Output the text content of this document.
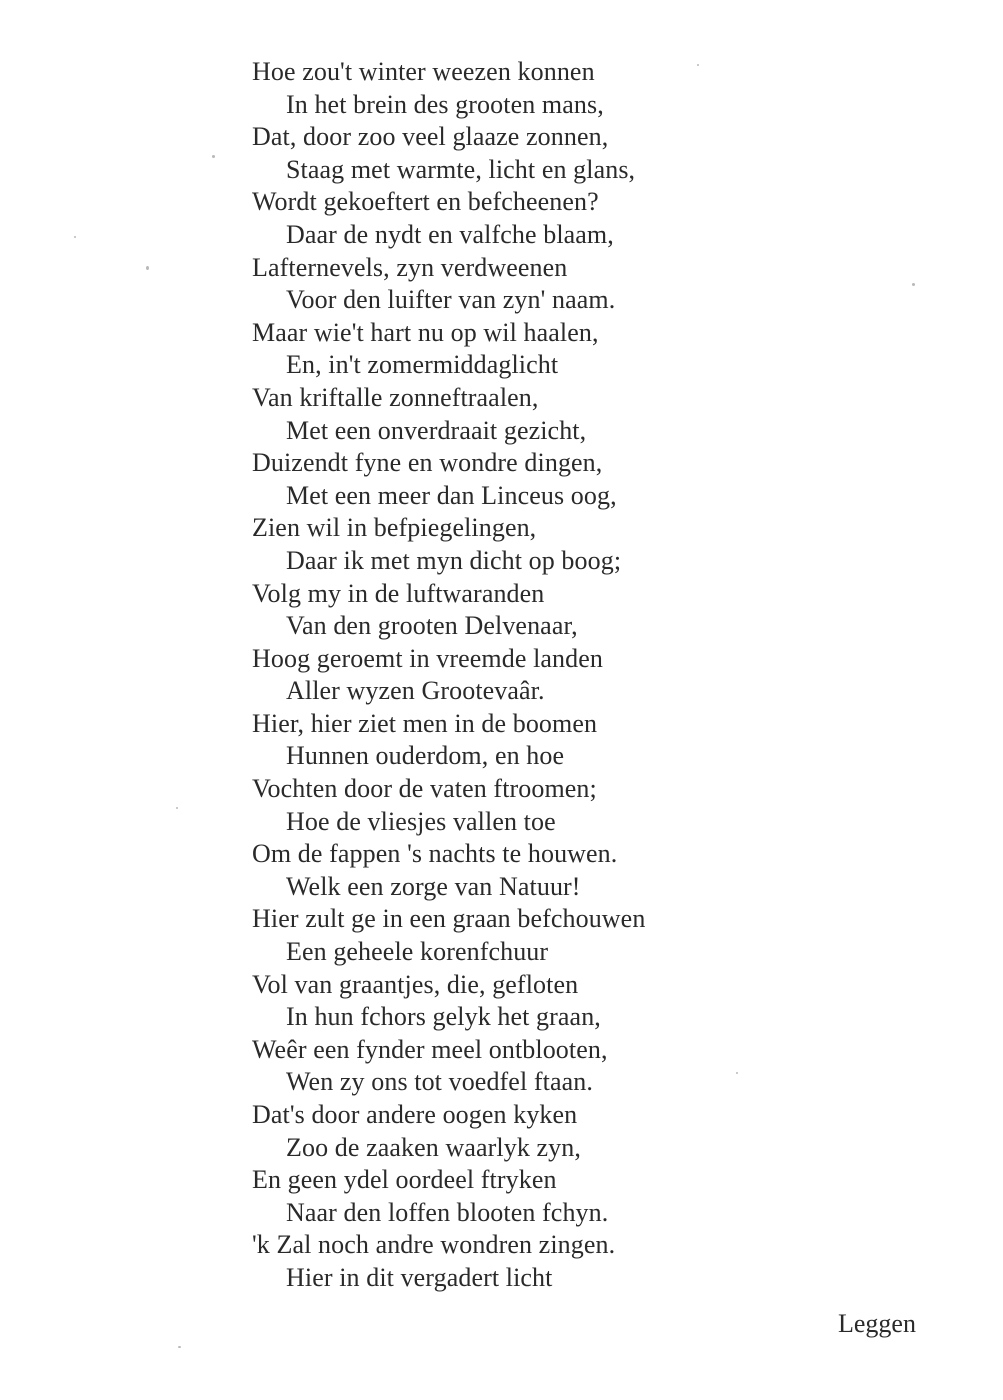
Hoe zou't winter weezen konnen
In het brein des grooten mans,
Dat, door zoo veel glaaze zonnen,
Staag met warmte, licht en glans,
Wordt gekoeftert en befcheenen?
Daar de nydt en valfche blaam,
Lafternevels, zyn verdweenen
Voor den luifter van zyn' naam.
Maar wie't hart nu op wil haalen,
En, in't zomermiddaglicht
Van kriftalle zonneftraalen,
Met een onverdraait gezicht,
Duizendt fyne en wondre dingen,
Met een meer dan Linceus oog,
Zien wil in befpiegelingen,
Daar ik met myn dicht op boog;
Volg my in de luftwaranden
Van den grooten Delvenaar,
Hoog geroemt in vreemde landen
Aller wyzen Grootevaâr.
Hier, hier ziet men in de boomen
Hunnen ouderdom, en hoe
Vochten door de vaten ftroomen;
Hoe de vliesjes vallen toe
Om de fappen 's nachts te houwen.
Welk een zorge van Natuur!
Hier zult ge in een graan befchouwen
Een geheele korenfchuur
Vol van graantjes, die, gefloten
In hun fchors gelyk het graan,
Weêr een fynder meel ontblooten,
Wen zy ons tot voedfel ftaan.
Dat's door andere oogen kyken
Zoo de zaaken waarlyk zyn,
En geen ydel oordeel ftryken
Naar den loffen blooten fchyn.
'k Zal noch andre wondren zingen.
Hier in dit vergadert licht
Leggen
